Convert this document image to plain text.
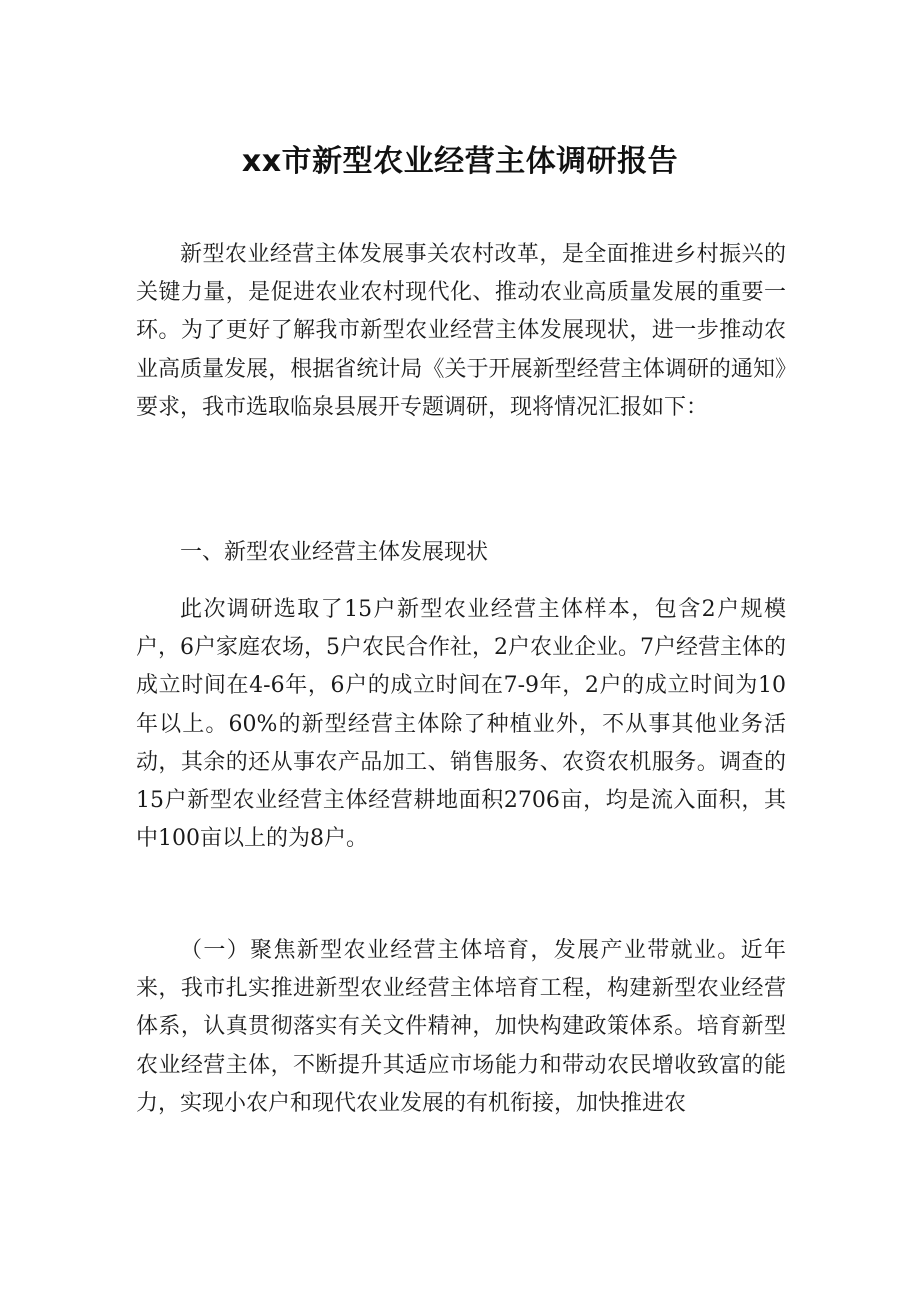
xx市新型农业经营主体调研报告

新型农业经营主体发展事关农村改革，是全面推进乡村振兴的关键力量，是促进农业农村现代化、推动农业高质量发展的重要一环。为了更好了解我市新型农业经营主体发展现状，进一步推动农业高质量发展，根据省统计局《关于开展新型经营主体调研的通知》要求，我市选取临泉县展开专题调研，现将情况汇报如下：

一、新型农业经营主体发展现状

此次调研选取了15户新型农业经营主体样本，包含2户规模户，6户家庭农场，5户农民合作社，2户农业企业。7户经营主体的成立时间在4-6年，6户的成立时间在7-9年，2户的成立时间为10年以上。60%的新型经营主体除了种植业外，不从事其他业务活动，其余的还从事农产品加工、销售服务、农资农机服务。调查的15户新型农业经营主体经营耕地面积2706亩，均是流入面积，其中100亩以上的为8户。

（一）聚焦新型农业经营主体培育，发展产业带就业。近年来，我市扎实推进新型农业经营主体培育工程，构建新型农业经营体系，认真贯彻落实有关文件精神，加快构建政策体系。培育新型农业经营主体，不断提升其适应市场能力和带动农民增收致富的能力，实现小农户和现代农业发展的有机衔接，加快推进农
